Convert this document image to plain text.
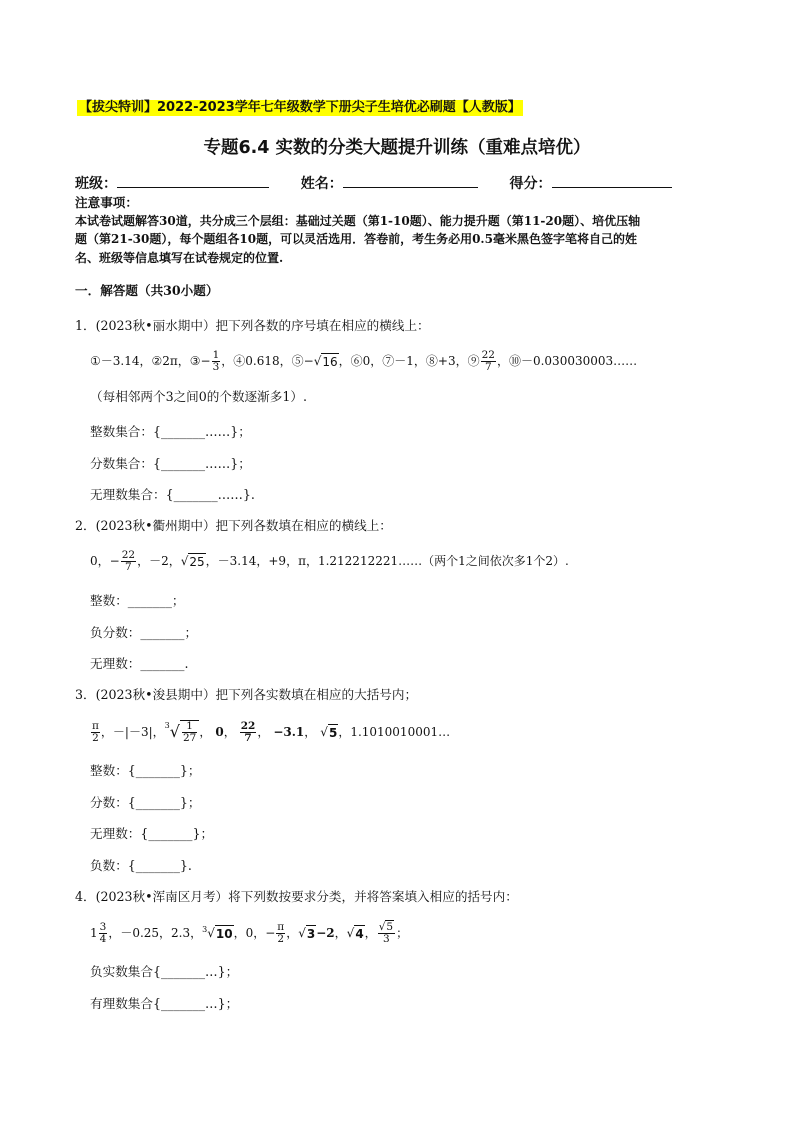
【拔尖特训】2022-2023学年七年级数学下册尖子生培优必刷题【人教版】
专题6.4 实数的分类大题提升训练（重难点培优）
班级：	姓名：	得分：
注意事项：
本试卷试题解答30道，共分成三个层组：基础过关题（第1-10题）、能力提升题（第11-20题）、培优压轴
题（第21-30题），每个题组各10题，可以灵活选用．答卷前，考生务必用0.5毫米黑色签字笔将自己的姓
名、班级等信息填写在试卷规定的位置.
一．解答题（共30小题）
1．(2023秋•丽水期中）把下列各数的序号填在相应的横线上：
①－3.14，②2π，③ − $\frac{1}{3}$ ，④0.618，⑤ − √ 16 ，⑥0，⑦－1，⑧+3，⑨ $\frac{22}{7}$ ，⑩－0.030030003……
（每相邻两个3之间0的个数逐渐多1）.
整数集合：{_______……}；
分数集合：{_______……}；
无理数集合：{_______……}.
2．(2023秋•衢州期中）把下列各数填在相应的横线上：
0， − $\frac{22}{7}$ ，－2， √ 25 ，－3.14，+9，π，1.212212221……（两个1之间依次多1个2）.
整数：_______；
负分数：_______；
无理数：_______.
3．(2023秋•浚县期中）把下列各实数填在相应的大括号内；
$\frac{\pi}{2}$ ，－|－3|， 3 √ $\frac{1}{27}$ ， 0 ， $\frac{22}{7}$ ， −3.1 ， √ 5 ，1.1010010001…
整数：{_______}；
分数：{_______}；
无理数：{_______}；
负数：{_______}.
4．(2023秋•浑南区月考）将下列数按要求分类，并将答案填入相应的括号内：
$1 \frac{3}{4}$ ，－0.25，2.3， 3 √ 10 ，0， − $\frac{\pi}{2}$ ， √ 3 −2 ， √ 4 ， $\frac{√5}{3}$ ；
负实数集合{_______…}；
有理数集合{_______…}；
